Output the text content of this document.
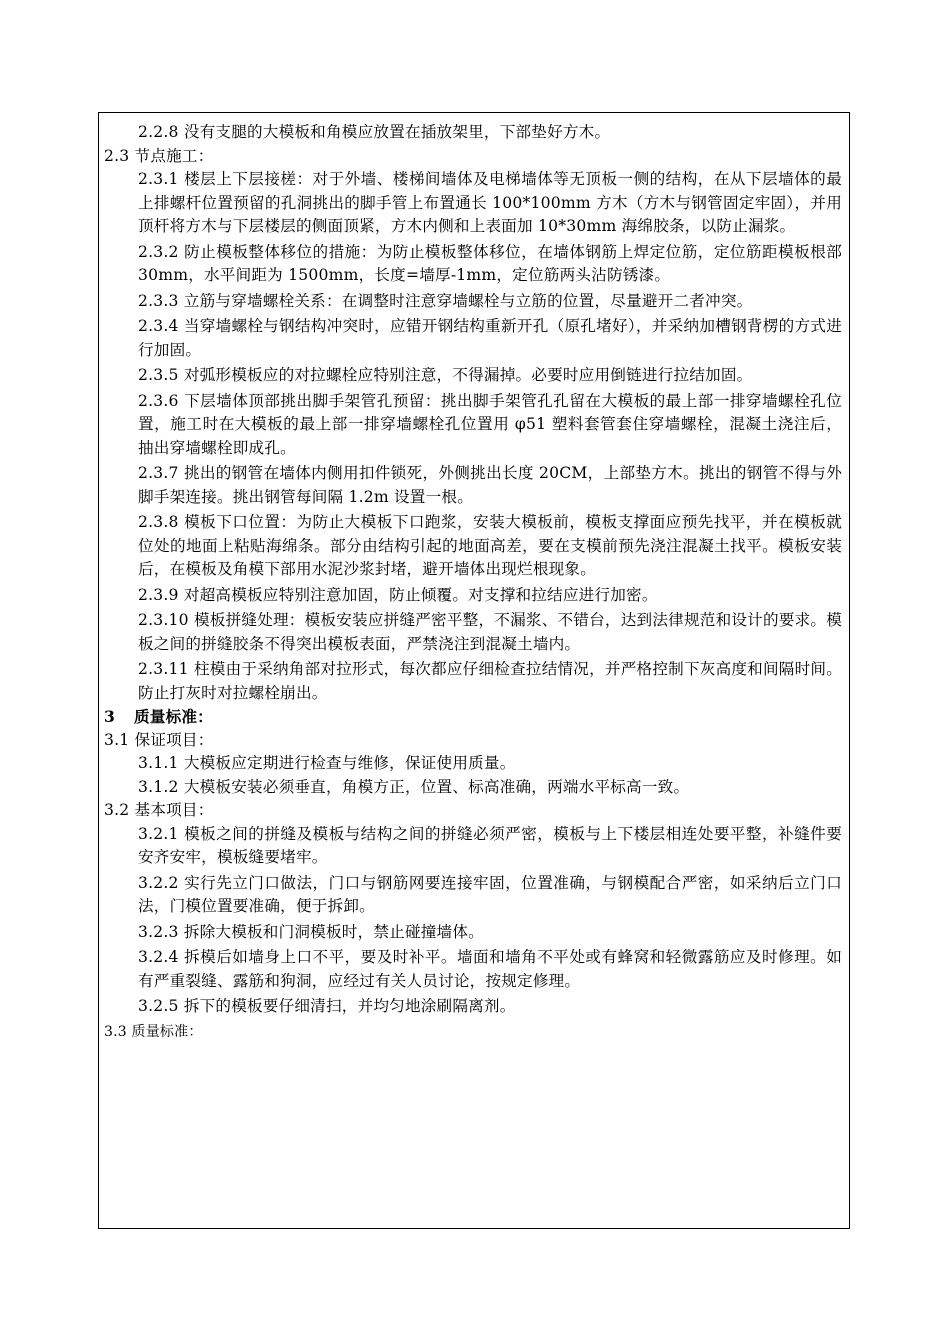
2.2.8 没有支腿的大模板和角模应放置在插放架里，下部垫好方木。

2.3 节点施工：

2.3.1 楼层上下层接槎：对于外墙、楼梯间墙体及电梯墙体等无顶板一侧的结构，在从下层墙体的最上排螺杆位置预留的孔洞挑出的脚手管上布置通长 100*100mm 方木（方木与钢管固定牢固），并用顶杆将方木与下层楼层的侧面顶紧，方木内侧和上表面加 10*30mm 海绵胶条，以防止漏浆。

2.3.2 防止模板整体移位的措施：为防止模板整体移位，在墙体钢筋上焊定位筋，定位筋距模板根部 30mm，水平间距为 1500mm，长度=墙厚-1mm，定位筋两头沾防锈漆。

2.3.3 立筋与穿墙螺栓关系：在调整时注意穿墙螺栓与立筋的位置，尽量避开二者冲突。

2.3.4 当穿墙螺栓与钢结构冲突时，应错开钢结构重新开孔（原孔堵好），并采纳加槽钢背楞的方式进行加固。

2.3.5 对弧形模板应的对拉螺栓应特别注意，不得漏掉。必要时应用倒链进行拉结加固。

2.3.6 下层墙体顶部挑出脚手架管孔预留：挑出脚手架管孔孔留在大模板的最上部一排穿墙螺栓孔位置，施工时在大模板的最上部一排穿墙螺栓孔位置用 φ51 塑料套管套住穿墙螺栓，混凝土浇注后，抽出穿墙螺栓即成孔。

2.3.7 挑出的钢管在墙体内侧用扣件锁死，外侧挑出长度 20CM，上部垫方木。挑出的钢管不得与外脚手架连接。挑出钢管每间隔 1.2m 设置一根。

2.3.8 模板下口位置：为防止大模板下口跑浆，安装大模板前，模板支撑面应预先找平，并在模板就位处的地面上粘贴海绵条。部分由结构引起的地面高差，要在支模前预先浇注混凝土找平。模板安装后，在模板及角模下部用水泥沙浆封堵，避开墙体出现烂根现象。

2.3.9 对超高模板应特别注意加固，防止倾覆。对支撑和拉结应进行加密。

2.3.10 模板拼缝处理：模板安装应拼缝严密平整，不漏浆、不错台，达到法律规范和设计的要求。模板之间的拼缝胶条不得突出模板表面，严禁浇注到混凝土墙内。

2.3.11 柱模由于采纳角部对拉形式，每次都应仔细检查拉结情况，并严格控制下灰高度和间隔时间。防止打灰时对拉螺栓崩出。

3 质量标准：

3.1 保证项目：

3.1.1 大模板应定期进行检查与维修，保证使用质量。

3.1.2 大模板安装必须垂直，角模方正，位置、标高准确，两端水平标高一致。

3.2 基本项目：

3.2.1 模板之间的拼缝及模板与结构之间的拼缝必须严密，模板与上下楼层相连处要平整，补缝件要安齐安牢，模板缝要堵牢。

3.2.2 实行先立门口做法，门口与钢筋网要连接牢固，位置准确，与钢模配合严密，如采纳后立门口法，门模位置要准确，便于拆卸。

3.2.3 拆除大模板和门洞模板时，禁止碰撞墙体。

3.2.4 拆模后如墙身上口不平，要及时补平。墙面和墙角不平处或有蜂窝和轻微露筋应及时修理。如有严重裂缝、露筋和狗洞，应经过有关人员讨论，按规定修理。

3.2.5 拆下的模板要仔细清扫，并均匀地涂刷隔离剂。

3.3 质量标准：
